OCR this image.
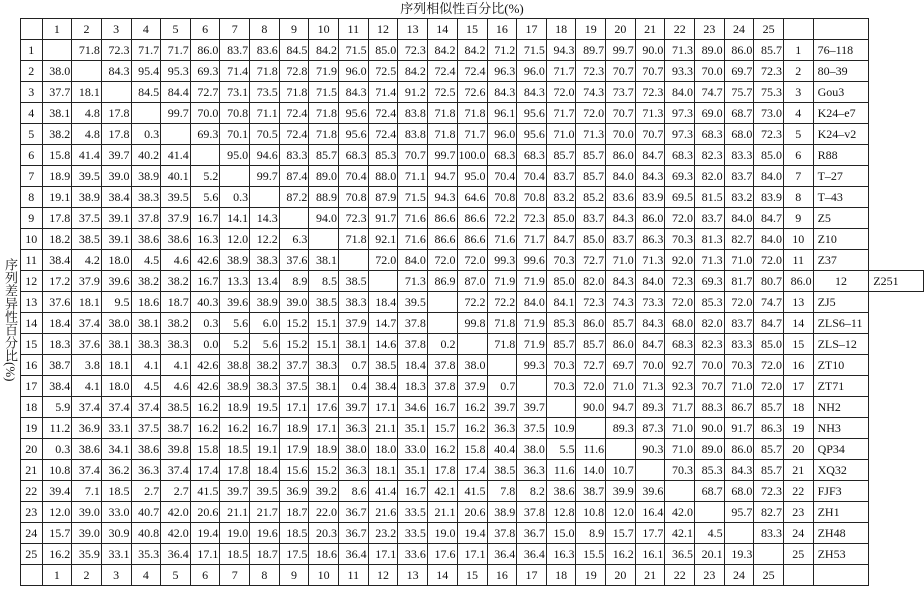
序列相似性百分比(%)
序列差异性百分比(%)
	1	2	3	4	5	6	7	8	9	10	11	12	13	14	15	16	17	18	19	20	21	22	23	24	25			
1		71.8	72.3	71.7	71.7	86.0	83.7	83.6	84.5	84.2	71.5	85.0	72.3	84.2	84.2	71.2	71.5	94.3	89.7	99.7	90.0	71.3	89.0	86.0	85.7	1	76–118	
2	38.0		84.3	95.4	95.3	69.3	71.4	71.8	72.8	71.9	96.0	72.5	84.2	72.4	72.4	96.3	96.0	71.7	72.3	70.7	70.7	93.3	70.0	69.7	72.3	2	80–39	
3	37.7	18.1		84.5	84.4	72.7	73.1	73.5	71.8	71.5	84.3	71.4	91.2	72.5	72.6	84.3	84.3	72.0	74.3	73.7	72.3	84.0	74.7	75.7	75.3	3	Gou3	
4	38.1	4.8	17.8		99.7	70.0	70.8	71.1	72.4	71.8	95.6	72.4	83.8	71.8	71.8	96.1	95.6	71.7	72.0	70.7	71.3	97.3	69.0	68.7	73.0	4	K24–e7	
5	38.2	4.8	17.8	0.3		69.3	70.1	70.5	72.4	71.8	95.6	72.4	83.8	71.8	71.7	96.0	95.6	71.0	71.3	70.0	70.7	97.3	68.3	68.0	72.3	5	K24–v2	
6	15.8	41.4	39.7	40.2	41.4		95.0	94.6	83.3	85.7	68.3	85.3	70.7	99.7	100.0	68.3	68.3	85.7	85.7	86.0	84.7	68.3	82.3	83.3	85.0	6	R88	
7	18.9	39.5	39.0	38.9	40.1	5.2		99.7	87.4	89.0	70.4	88.0	71.1	94.7	95.0	70.4	70.4	83.7	85.7	84.0	84.3	69.3	82.0	83.7	84.0	7	T–27	
8	19.1	38.9	38.4	38.3	39.5	5.6	0.3		87.2	88.9	70.8	87.9	71.5	94.3	64.6	70.8	70.8	83.2	85.2	83.6	83.9	69.5	81.5	83.2	83.9	8	T–43	
9	17.8	37.5	39.1	37.8	37.9	16.7	14.1	14.3		94.0	72.3	91.7	71.6	86.6	86.6	72.2	72.3	85.0	83.7	84.3	86.0	72.0	83.7	84.0	84.7	9	Z5	
10	18.2	38.5	39.1	38.6	38.6	16.3	12.0	12.2	6.3		71.8	92.1	71.6	86.6	86.6	71.6	71.7	84.7	85.0	83.7	86.3	70.3	81.3	82.7	84.0	10	Z10	
11	38.4	4.2	18.0	4.5	4.6	42.6	38.9	38.3	37.6	38.1		72.0	84.0	72.0	72.0	99.3	99.6	70.3	72.7	71.0	71.3	92.0	71.3	71.0	72.0	11	Z37	
12	17.2	37.9	39.6	38.2	38.2	16.7	13.3	13.4	8.9	8.5	38.5		71.3	86.9	87.0	71.9	71.9	85.0	82.0	84.3	84.0	72.3	69.3	81.7	80.7	86.0	12	Z251
13	37.6	18.1	9.5	18.6	18.7	40.3	39.6	38.9	39.0	38.5	38.3	18.4	39.5		72.2	72.2	84.0	84.1	72.3	74.3	73.3	72.0	85.3	72.0	74.7	13	ZJ5	
14	18.4	37.4	38.0	38.1	38.2	0.3	5.6	6.0	15.2	15.1	37.9	14.7	37.8		99.8	71.8	71.9	85.3	86.0	85.7	84.3	68.0	82.0	83.7	84.7	14	ZLS6–11	
15	18.3	37.6	38.1	38.3	38.3	0.0	5.2	5.6	15.2	15.1	38.1	14.6	37.8	0.2		71.8	71.9	85.7	85.7	86.0	84.7	68.3	82.3	83.3	85.0	15	ZLS–12	
16	38.7	3.8	18.1	4.1	4.1	42.6	38.8	38.2	37.7	38.3	0.7	38.5	18.4	37.8	38.0		99.3	70.3	72.7	69.7	70.0	92.7	70.0	70.3	72.0	16	ZT10	
17	38.4	4.1	18.0	4.5	4.6	42.6	38.9	38.3	37.5	38.1	0.4	38.4	18.3	37.8	37.9	0.7		70.3	72.0	71.0	71.3	92.3	70.7	71.0	72.0	17	ZT71	
18	5.9	37.4	37.4	37.4	38.5	16.2	18.9	19.5	17.1	17.6	39.7	17.1	34.6	16.7	16.2	39.7	39.7		90.0	94.7	89.3	71.7	88.3	86.7	85.7	18	NH2	
19	11.2	36.9	33.1	37.5	38.7	16.2	16.2	16.7	18.9	17.1	36.3	21.1	35.1	15.7	16.2	36.3	37.5	10.9		89.3	87.3	71.0	90.0	91.7	86.3	19	NH3	
20	0.3	38.6	34.1	38.6	39.8	15.8	18.5	19.1	17.9	18.9	38.0	18.0	33.0	16.2	15.8	40.4	38.0	5.5	11.6		90.3	71.0	89.0	86.0	85.7	20	QP34	
21	10.8	37.4	36.2	36.3	37.4	17.4	17.8	18.4	15.6	15.2	36.3	18.1	35.1	17.8	17.4	38.5	36.3	11.6	14.0	10.7		70.3	85.3	84.3	85.7	21	XQ32	
22	39.4	7.1	18.5	2.7	2.7	41.5	39.7	39.5	36.9	39.2	8.6	41.4	16.7	42.1	41.5	7.8	8.2	38.6	38.7	39.9	39.6		68.7	68.0	72.3	22	FJF3	
23	12.0	39.0	33.0	40.7	42.0	20.6	21.1	21.7	18.7	22.0	36.7	21.6	33.5	21.1	20.6	38.9	37.8	12.8	10.8	12.0	16.4	42.0		95.7	82.7	23	ZH1	
24	15.7	39.0	30.9	40.8	42.0	19.4	19.0	19.6	18.5	20.3	36.7	23.2	33.5	19.0	19.4	37.8	36.7	15.0	8.9	15.7	17.7	42.1	4.5		83.3	24	ZH48	
25	16.2	35.9	33.1	35.3	36.4	17.1	18.5	18.7	17.5	18.6	36.4	17.1	33.6	17.6	17.1	36.4	36.4	16.3	15.5	16.2	16.1	36.5	20.1	19.3		25	ZH53	
	1	2	3	4	5	6	7	8	9	10	11	12	13	14	15	16	17	18	19	20	21	22	23	24	25			
